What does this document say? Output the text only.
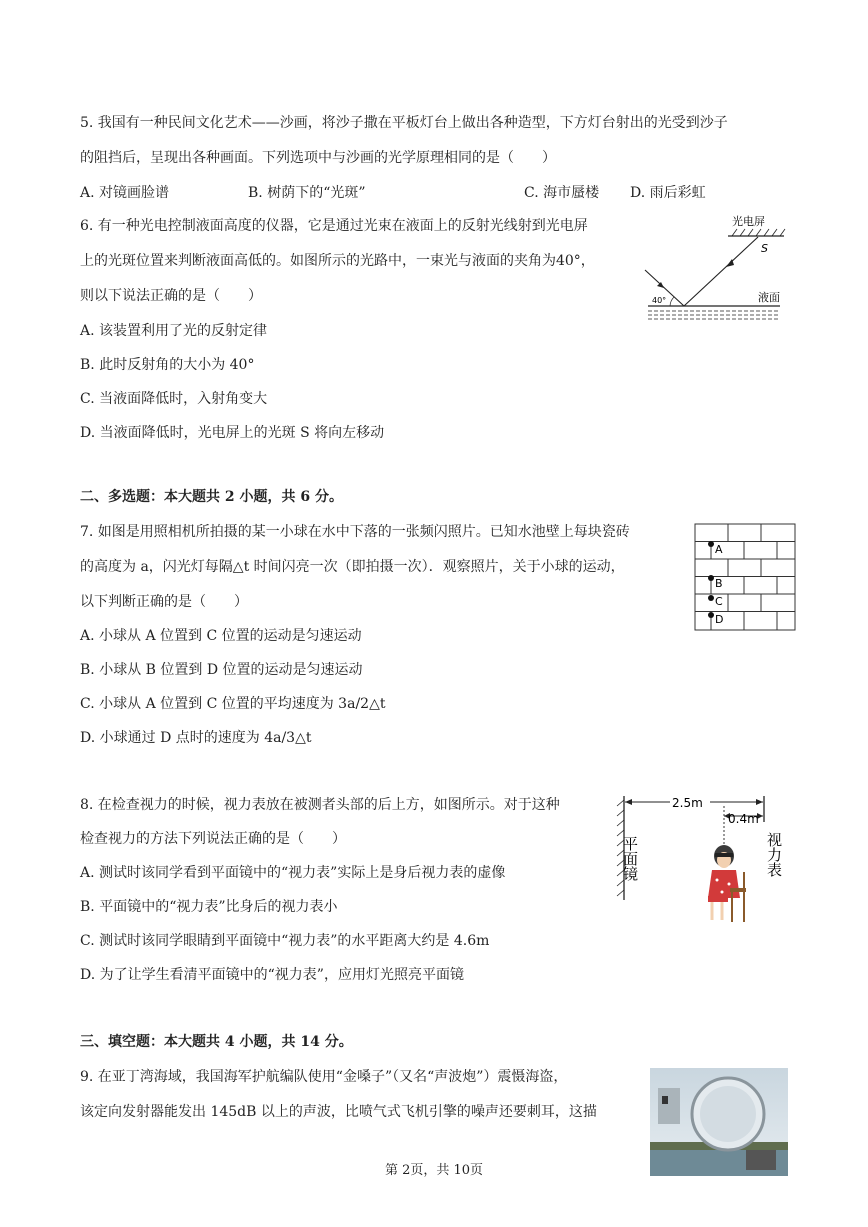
5. 我国有一种民间文化艺术——沙画，将沙子撒在平板灯台上做出各种造型，下方灯台射出的光受到沙子
的阻挡后，呈现出各种画面。下列选项中与沙画的光学原理相同的是（　　）
A. 对镜画脸谱	B. 树荫下的“光斑”	C. 海市蜃楼 D. 雨后彩虹
6. 有一种光电控制液面高度的仪器，它是通过光束在液面上的反射光线射到光电屏
上的光斑位置来判断液面高低的。如图所示的光路中，一束光与液面的夹角为40°，
则以下说法正确的是（　　）
A. 该装置利用了光的反射定律
B. 此时反射角的大小为 40°
C. 当液面降低时，入射角变大
D. 当液面降低时，光电屏上的光斑 S 将向左移动
光电屏
S
液面
40°
二、多选题：本大题共 2 小题，共 6 分。
7. 如图是用照相机所拍摄的某一小球在水中下落的一张频闪照片。已知水池壁上每块瓷砖
的高度为 a，闪光灯每隔△t 时间闪亮一次（即拍摄一次）．观察照片，关于小球的运动，
以下判断正确的是（　　）
A. 小球从 A 位置到 C 位置的运动是匀速运动
B. 小球从 B 位置到 D 位置的运动是匀速运动
C. 小球从 A 位置到 C 位置的平均速度为 3a/2△t
D. 小球通过 D 点时的速度为 4a/3△t
A
B
C
D
8. 在检查视力的时候，视力表放在被测者头部的后上方，如图所示。对于这种
检查视力的方法下列说法正确的是（　　）
A. 测试时该同学看到平面镜中的“视力表”实际上是身后视力表的虚像
B. 平面镜中的“视力表”比身后的视力表小
C. 测试时该同学眼睛到平面镜中“视力表”的水平距离大约是 4.6m
D. 为了让学生看清平面镜中的“视力表”，应用灯光照亮平面镜
平面镜	视力表
2.5m
0.4m
三、填空题：本大题共 4 小题，共 14 分。
9. 在亚丁湾海域，我国海军护航编队使用“金嗓子”（又名“声波炮”）震慑海盗，
该定向发射器能发出 145dB 以上的声波，比喷气式飞机引擎的噪声还要刺耳，这描
第 2页，共 10页
